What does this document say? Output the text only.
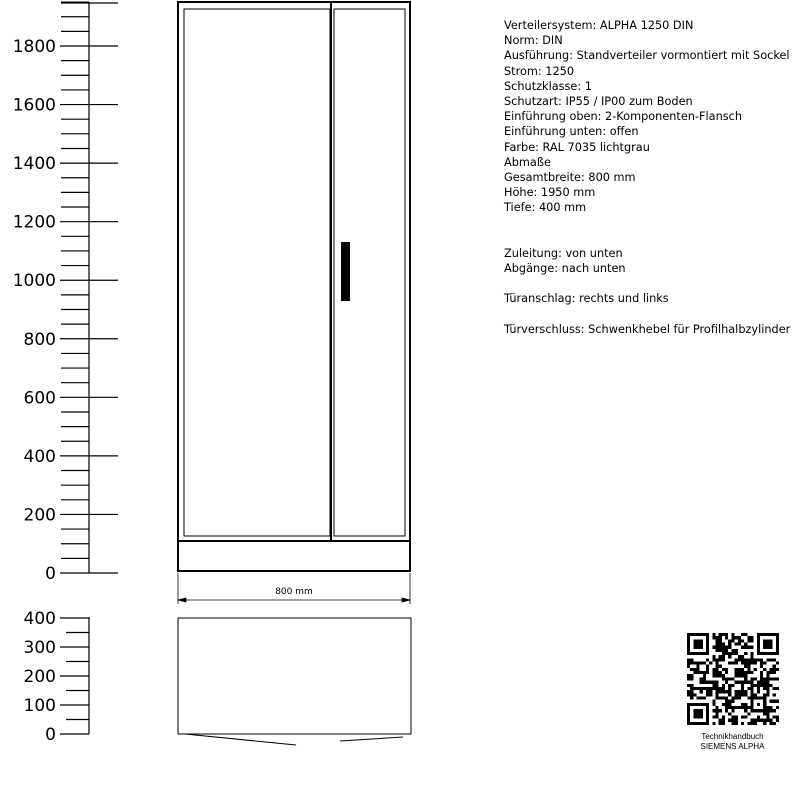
1800
1600
1400
1200
1000
800
600
400
200
0
800 mm
400
300
200
100
0
Verteilersystem: ALPHA 1250 DIN
Norm: DIN
Ausführung: Standverteiler vormontiert mit Sockel
Strom: 1250
Schutzklasse: 1
Schutzart: IP55 / IP00 zum Boden
Einführung oben: 2-Komponenten-Flansch
Einführung unten: offen
Farbe: RAL 7035 lichtgrau
Abmaße
Gesamtbreite: 800 mm
Höhe: 1950 mm
Tiefe: 400 mm
Zuleitung: von unten
Abgänge: nach unten
Türanschlag: rechts und links
Türverschluss: Schwenkhebel für Profilhalbzylinder
Technikhandbuch
SIEMENS ALPHA
